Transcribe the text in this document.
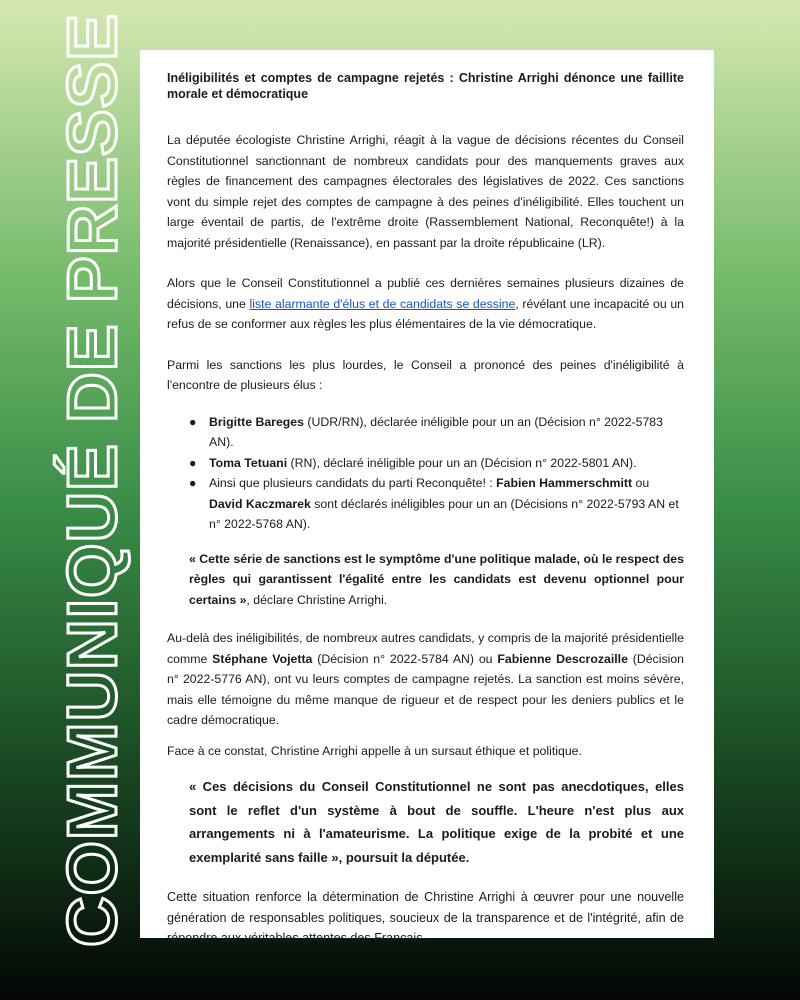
COMMUNIQUÉ DE PRESSE	Inéligibilités et comptes de campagne rejetés : Christine Arrighi dénonce une faillite morale et démocratique

La députée écologiste Christine Arrighi, réagit à la vague de décisions récentes du Conseil Constitutionnel sanctionnant de nombreux candidats pour des manquements graves aux règles de financement des campagnes électorales des législatives de 2022. Ces sanctions vont du simple rejet des comptes de campagne à des peines d'inéligibilité. Elles touchent un large éventail de partis, de l'extrême droite (Rassemblement National, Reconquête!) à la majorité présidentielle (Renaissance), en passant par la droite républicaine (LR).

Alors que le Conseil Constitutionnel a publié ces dernières semaines plusieurs dizaines de décisions, une liste alarmante d'élus et de candidats se dessine, révélant une incapacité ou un refus de se conformer aux règles les plus élémentaires de la vie démocratique.

Parmi les sanctions les plus lourdes, le Conseil a prononcé des peines d'inéligibilité à l'encontre de plusieurs élus :

● Brigitte Bareges (UDR/RN), déclarée inéligible pour un an (Décision n° 2022-5783 AN).
● Toma Tetuani (RN), déclaré inéligible pour un an (Décision n° 2022-5801 AN).
● Ainsi que plusieurs candidats du parti Reconquête! : Fabien Hammerschmitt ou David Kaczmarek sont déclarés inéligibles pour un an (Décisions n° 2022-5793 AN et n° 2022-5768 AN).

« Cette série de sanctions est le symptôme d'une politique malade, où le respect des règles qui garantissent l'égalité entre les candidats est devenu optionnel pour certains », déclare Christine Arrighi.

Au-delà des inéligibilités, de nombreux autres candidats, y compris de la majorité présidentielle comme Stéphane Vojetta (Décision n° 2022-5784 AN) ou Fabienne Descrozaille (Décision n° 2022-5776 AN), ont vu leurs comptes de campagne rejetés. La sanction est moins sévère, mais elle témoigne du même manque de rigueur et de respect pour les deniers publics et le cadre démocratique.

Face à ce constat, Christine Arrighi appelle à un sursaut éthique et politique.

« Ces décisions du Conseil Constitutionnel ne sont pas anecdotiques, elles sont le reflet d'un système à bout de souffle. L'heure n'est plus aux arrangements ni à l'amateurisme. La politique exige de la probité et une exemplarité sans faille », poursuit la députée.

Cette situation renforce la détermination de Christine Arrighi à œuvrer pour une nouvelle génération de responsables politiques, soucieux de la transparence et de l'intégrité, afin de répondre aux véritables attentes des Français.
